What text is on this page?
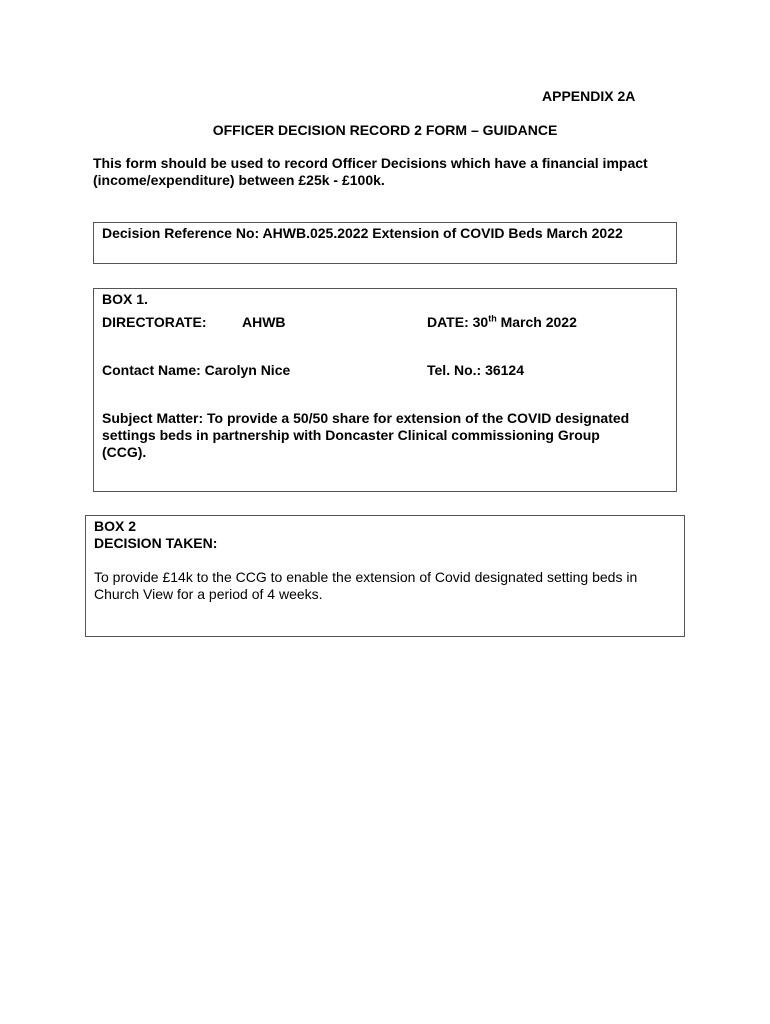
APPENDIX 2A
OFFICER DECISION RECORD 2 FORM – GUIDANCE
This form should be used to record Officer Decisions which have a financial impact (income/expenditure) between £25k - £100k.
Decision Reference No: AHWB.025.2022 Extension of COVID Beds March 2022
BOX 1.
DIRECTORATE:	AHWB	DATE: 30th March 2022
Contact Name: Carolyn Nice	Tel. No.: 36124
Subject Matter: To provide a 50/50 share for extension of the COVID designated settings beds in partnership with Doncaster Clinical commissioning Group (CCG).
BOX 2
DECISION TAKEN:
To provide £14k to the CCG to enable the extension of Covid designated setting beds in Church View for a period of 4 weeks.
